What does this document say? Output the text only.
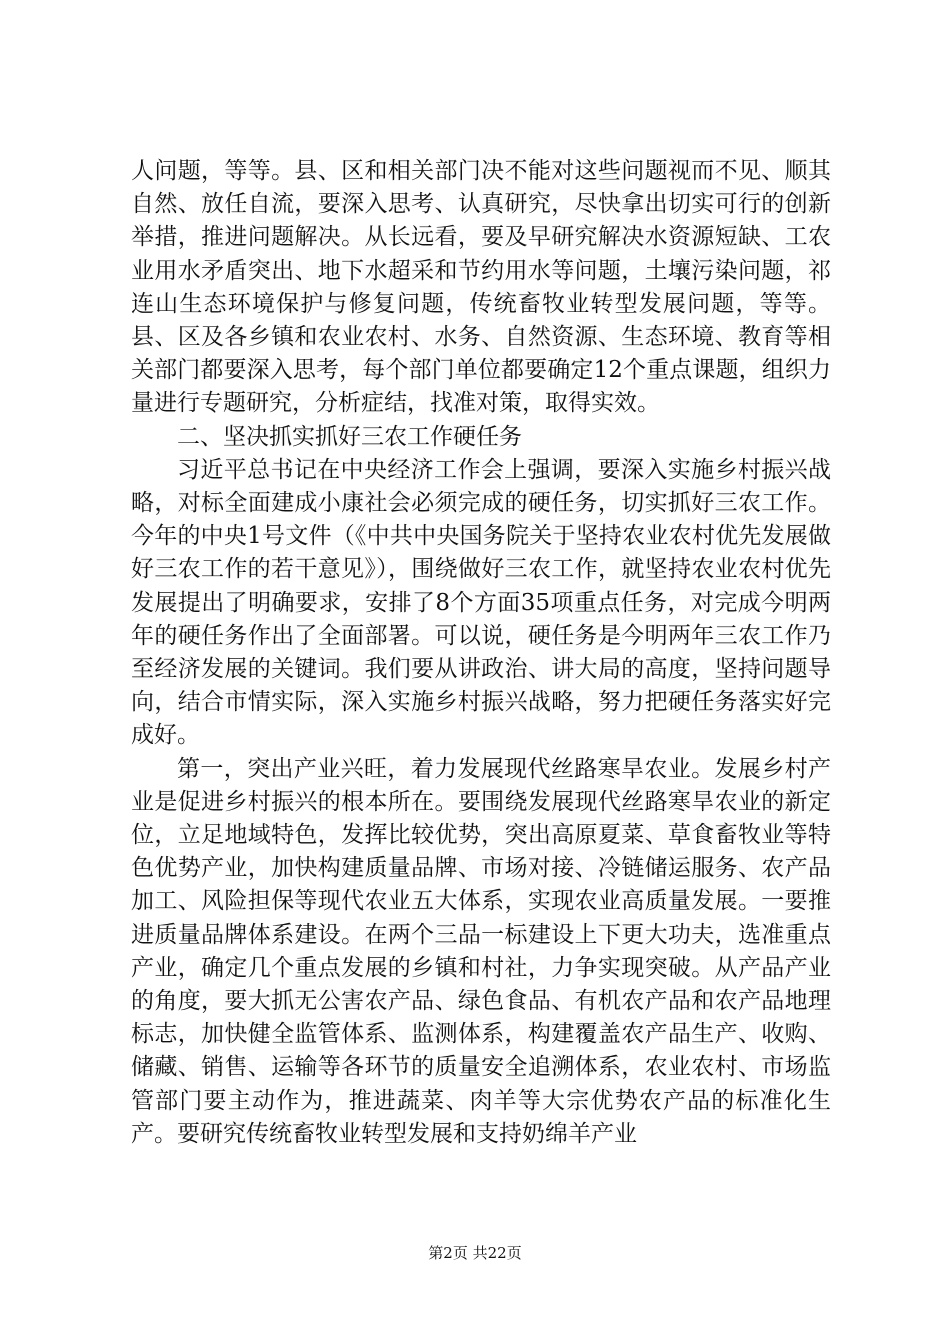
人问题，等等。县、区和相关部门决不能对这些问题视而不见、顺其自然、放任自流，要深入思考、认真研究，尽快拿出切实可行的创新举措，推进问题解决。从长远看，要及早研究解决水资源短缺、工农业用水矛盾突出、地下水超采和节约用水等问题，土壤污染问题，祁连山生态环境保护与修复问题，传统畜牧业转型发展问题，等等。县、区及各乡镇和农业农村、水务、自然资源、生态环境、教育等相关部门都要深入思考，每个部门单位都要确定12个重点课题，组织力量进行专题研究，分析症结，找准对策，取得实效。

二、坚决抓实抓好三农工作硬任务

习近平总书记在中央经济工作会上强调，要深入实施乡村振兴战略，对标全面建成小康社会必须完成的硬任务，切实抓好三农工作。今年的中央1号文件（《中共中央国务院关于坚持农业农村优先发展做好三农工作的若干意见》），围绕做好三农工作，就坚持农业农村优先发展提出了明确要求，安排了8个方面35项重点任务，对完成今明两年的硬任务作出了全面部署。可以说，硬任务是今明两年三农工作乃至经济发展的关键词。我们要从讲政治、讲大局的高度，坚持问题导向，结合市情实际，深入实施乡村振兴战略，努力把硬任务落实好完成好。

第一，突出产业兴旺，着力发展现代丝路寒旱农业。发展乡村产业是促进乡村振兴的根本所在。要围绕发展现代丝路寒旱农业的新定位，立足地域特色，发挥比较优势，突出高原夏菜、草食畜牧业等特色优势产业，加快构建质量品牌、市场对接、冷链储运服务、农产品加工、风险担保等现代农业五大体系，实现农业高质量发展。一要推进质量品牌体系建设。在两个三品一标建设上下更大功夫，选准重点产业，确定几个重点发展的乡镇和村社，力争实现突破。从产品产业的角度，要大抓无公害农产品、绿色食品、有机农产品和农产品地理标志，加快健全监管体系、监测体系，构建覆盖农产品生产、收购、储藏、销售、运输等各环节的质量安全追溯体系，农业农村、市场监管部门要主动作为，推进蔬菜、肉羊等大宗优势农产品的标准化生产。要研究传统畜牧业转型发展和支持奶绵羊产业

第2页 共22页
